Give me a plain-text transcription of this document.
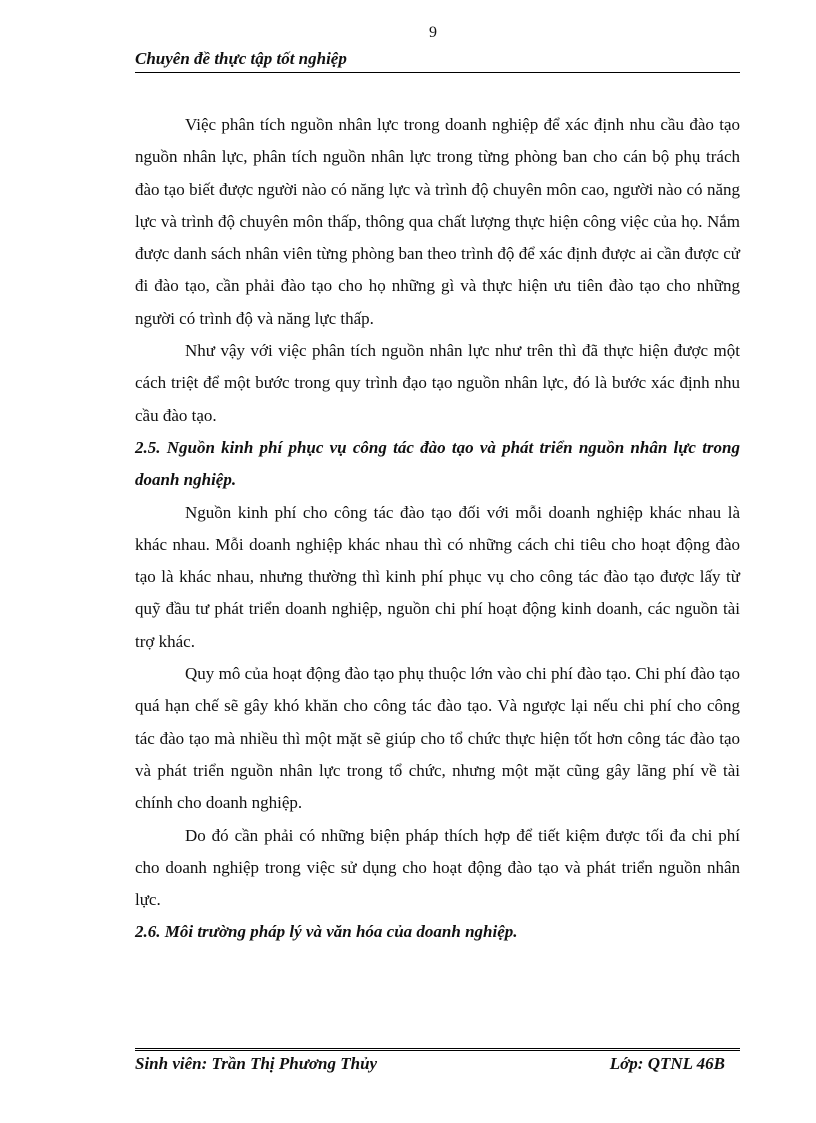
9
Chuyên đề thực tập tốt nghiệp

Việc phân tích nguồn nhân lực trong doanh nghiệp để xác định nhu cầu đào tạo nguồn nhân lực, phân tích nguồn nhân lực trong từng phòng ban cho cán bộ phụ trách đào tạo biết được người nào có năng lực và trình độ chuyên môn cao, người nào có năng lực và trình độ chuyên môn thấp, thông qua chất lượng thực hiện công việc của họ. Nắm được danh sách nhân viên từng phòng ban theo trình độ để xác định được ai cần được cử đi đào tạo, cần phải đào tạo cho họ những gì và thực hiện ưu tiên đào tạo cho những người có trình độ và năng lực thấp.

Như vậy với việc phân tích nguồn nhân lực như trên thì đã thực hiện được một cách triệt để một bước trong quy trình đạo tạo nguồn nhân lực, đó là bước xác định nhu cầu đào tạo.

2.5. Nguồn kinh phí phục vụ công tác đào tạo và phát triển nguồn nhân lực trong doanh nghiệp.

Nguồn kinh phí cho công tác đào tạo đối với mỗi doanh nghiệp khác nhau là khác nhau. Mỗi doanh nghiệp khác nhau thì có những cách chi tiêu cho hoạt động đào tạo là khác nhau, nhưng thường thì kinh phí phục vụ cho công tác đào tạo được lấy từ quỹ đầu tư phát triển doanh nghiệp, nguồn chi phí hoạt động kinh doanh, các nguồn tài trợ khác.

Quy mô của hoạt động đào tạo phụ thuộc lớn vào chi phí đào tạo. Chi phí đào tạo quá hạn chế sẽ gây khó khăn cho công tác đào tạo. Và ngược lại nếu chi phí cho công tác đào tạo mà nhiều thì một mặt sẽ giúp cho tổ chức thực hiện tốt hơn công tác đào tạo và phát triển nguồn nhân lực trong tổ chức, nhưng một mặt cũng gây lãng phí về tài chính cho doanh nghiệp.

Do đó cần phải có những biện pháp thích hợp để tiết kiệm được tối đa chi phí cho doanh nghiệp trong việc sử dụng cho hoạt động đào tạo và phát triển nguồn nhân lực.

2.6. Môi trường pháp lý và văn hóa của doanh nghiệp.

Sinh viên: Trần Thị Phương Thủy	Lớp: QTNL 46B
